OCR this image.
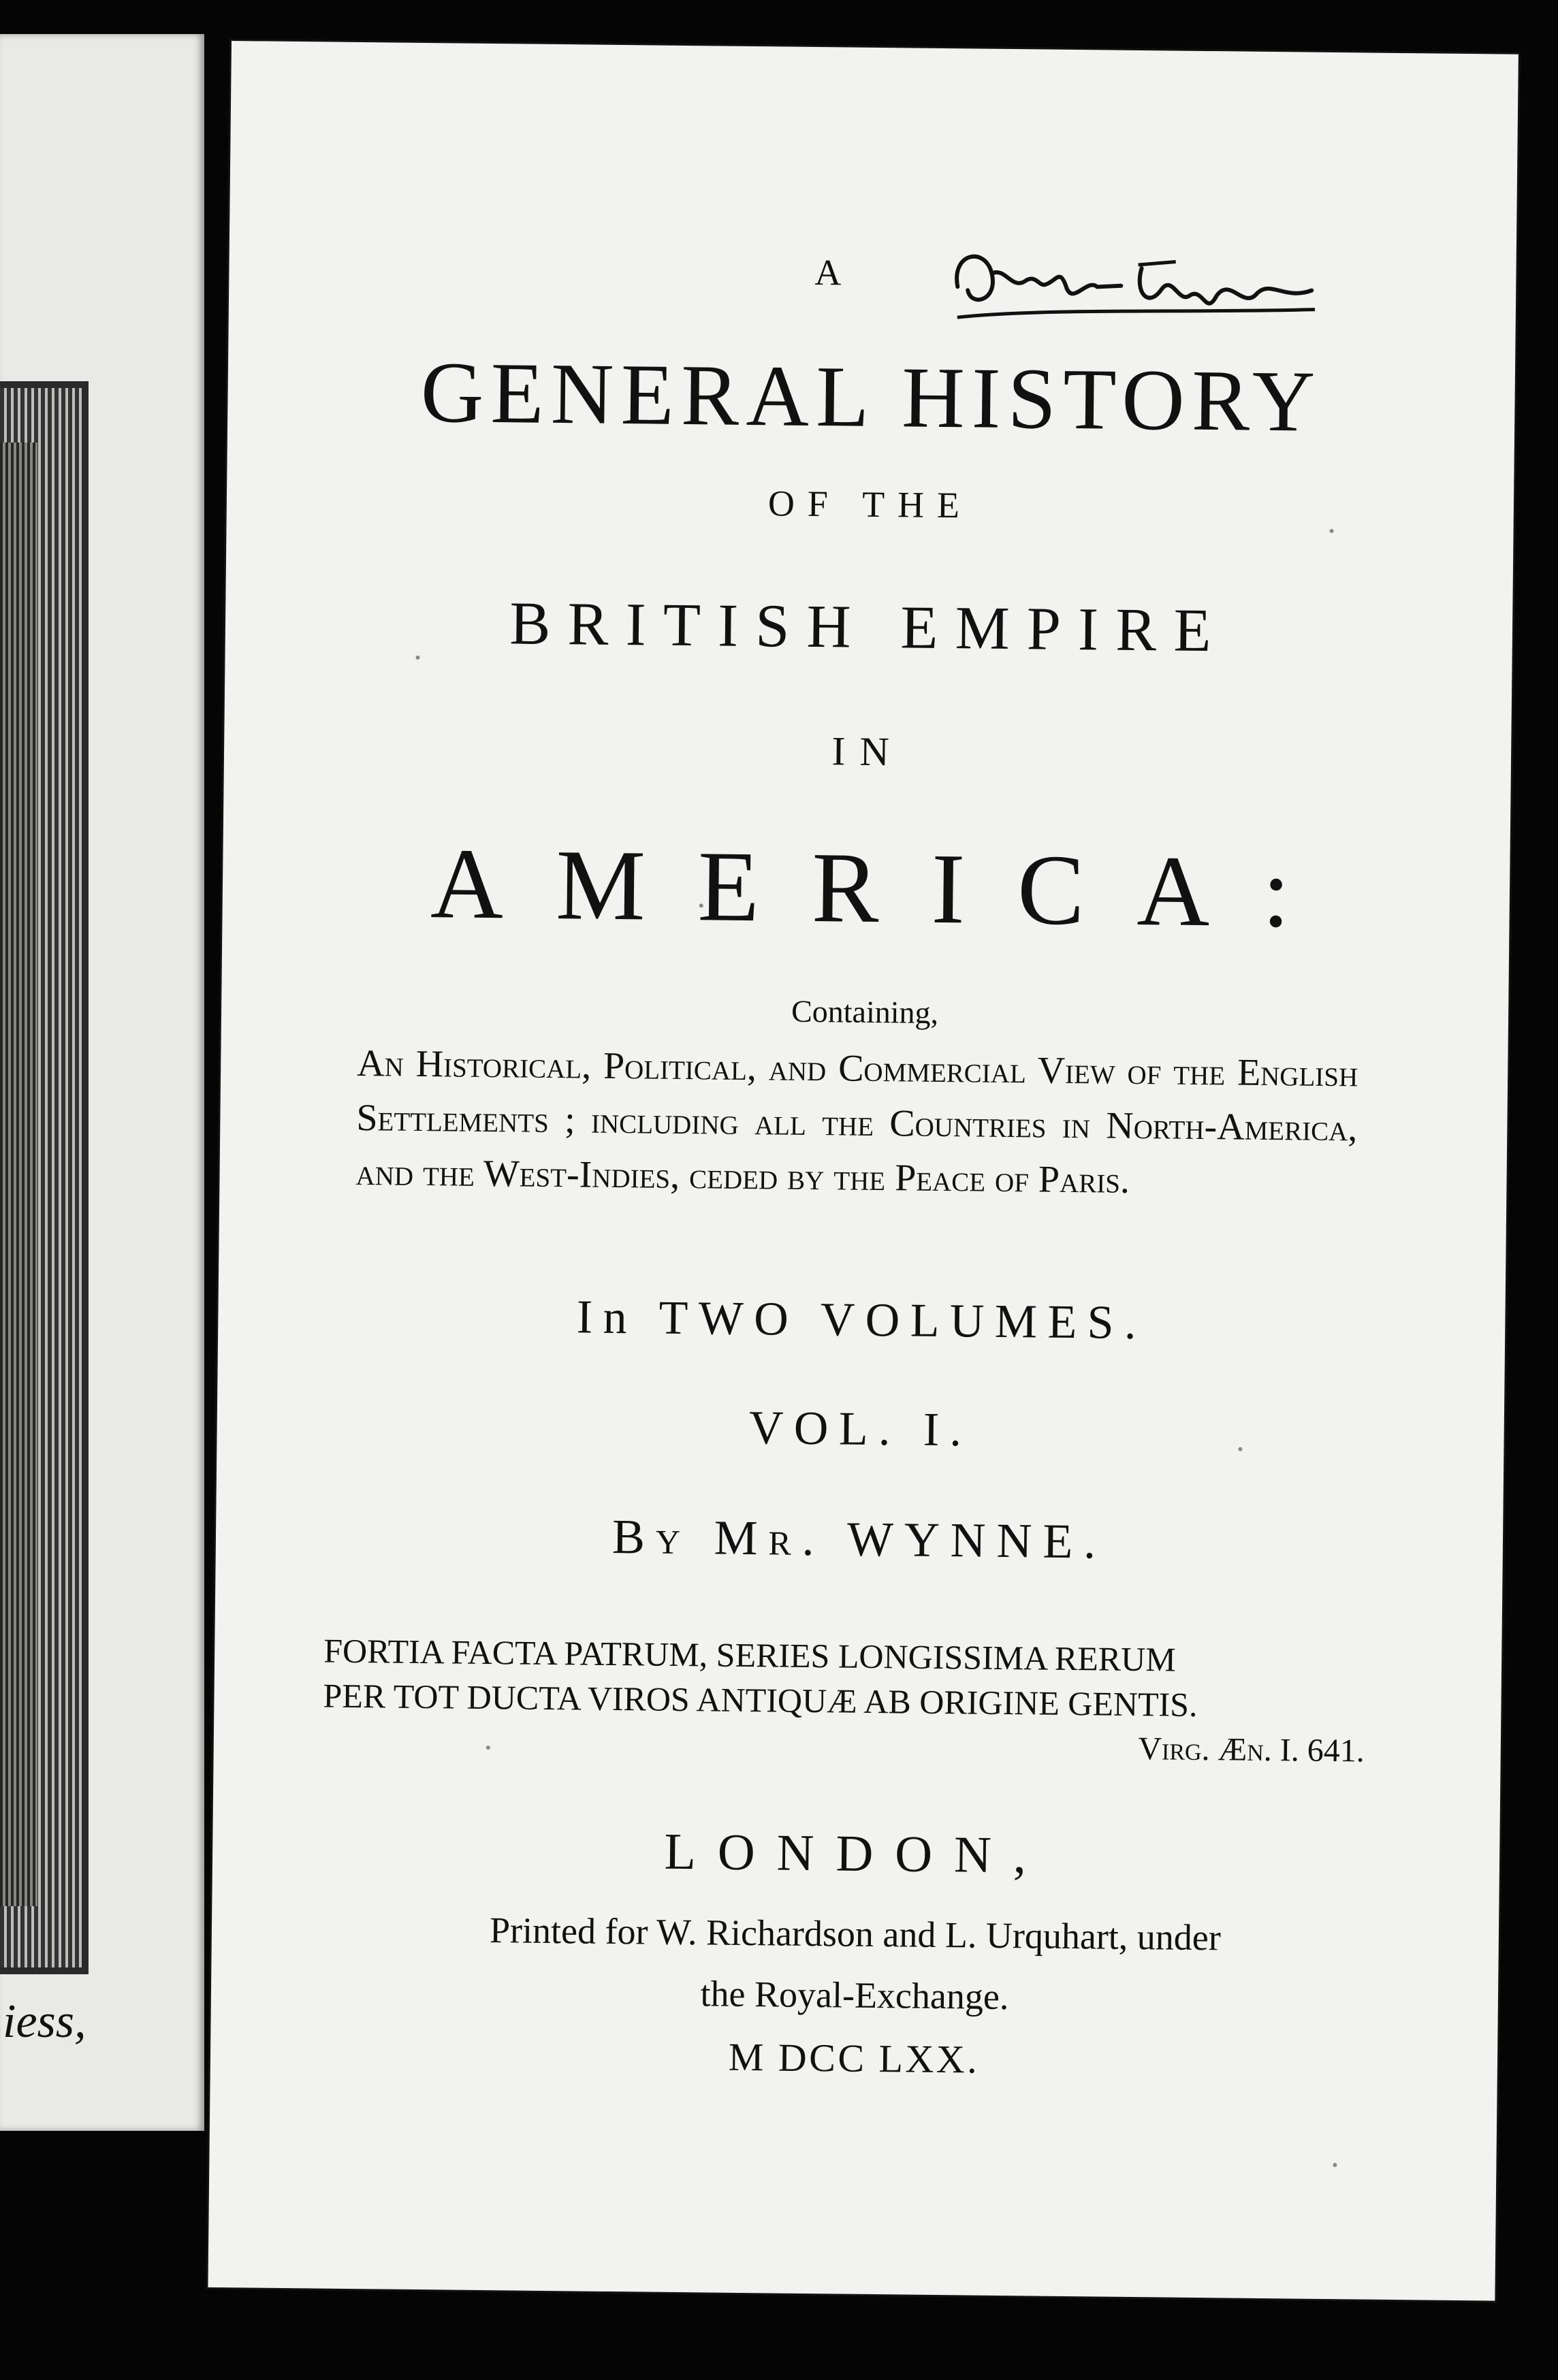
iess,
A
GENERAL HISTORY
OF THE
BRITISH EMPIRE
IN
AMERICA:
Containing,
An Historical, Political, and Commercial View of the English Settlements ; including all the Countries in North-America, and the West-Indies, ceded by the Peace of Paris.
In TWO VOLUMES.
VOL. I.
By Mr. WYNNE.
FORTIA FACTA PATRUM, SERIES LONGISSIMA RERUM
PER TOT DUCTA VIROS ANTIQUÆ AB ORIGINE GENTIS.
Virg. Æn. I. 641.
LONDON,
Printed for W. Richardson and L. Urquhart, under
the Royal-Exchange.
M DCC LXX.
